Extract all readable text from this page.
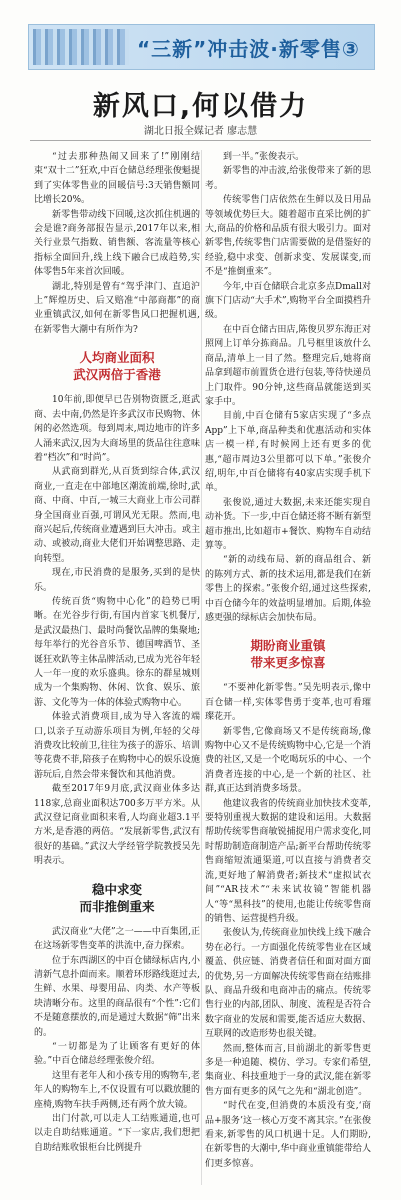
“三新”冲击波·新零售③
新风口,何以借力
湖北日报全媒记者 廖志慧

“过去那种热闹又回来了!”刚刚结束“双十二”狂欢,中百仓储总经理张俊魁提到了实体零售业的回暖信号:3天销售额同比增长20%。

新零售带动线下回暖,这次抓住机遇的会是谁?商务部报告显示,2017年以来,相关行业景气指数、销售额、客流量等核心指标全面回升,线上线下融合已成趋势,实体零售5年来首次回暖。

湖北,特别是曾有“驾乎津门、直追沪上”辉煌历史、后又赔准“中部商都”的商业重镇武汉,如何在新零售风口把握机遇,在新零售大潮中有所作为?

人均商业面积
武汉两倍于香港

10年前,即便早已告别物资匮乏,逛武商、去中南,仍然是许多武汉市民购物、休闲的必然选项。每到周末,周边地市的许多人涌来武汉,因为大商场里的货品往往意味着“档次”和“时尚”。

从武商到群光,从百货到综合体,武汉商业,一直走在中部地区潮流前端,徐时,武商、中商、中百,一城三大商业上市公司群身全国商业百强,可谓风光无限。然而,电商兴起后,传统商业遭遇到巨大冲击。或主动、或被动,商业大佬们开始调整思路、走向转型。

现在,市民消费的是服务,买到的是快乐。

传统百货“购物中心化”的趋势已明晰。在光谷步行街,有国内首家飞机餐厅,是武汉最热门、最时尚餐饮品牌的集聚地;每年举行的光谷音乐节、德国啤酒节、圣诞狂欢趴等主体品牌活动,已成为光谷年轻人一年一度的欢乐盛典。徐东的群星城则成为一个集购物、休闲、饮食、娱乐、旅游、文化等为一体的体验式购物中心。

体验式消费项目,成为导入客流的端口,以亲子互动游乐项目为例,年轻的父母消费攻比较前卫,往往为孩子的游乐、培训等花费不菲,陪孩子在购物中心的娱乐设施游玩后,自然会带来餐饮和其他消费。

截至2017年9月底,武汉商业体多达118家,总商业面积达700多万平方米。从武汉登记商业面积来看,人均商业超3.1平方米,是香港的两倍。“发展新零售,武汉有很好的基础。”武汉大学经管学院教授吴先明表示。

稳中求变
而非推倒重来

武汉商业“大佬”之一——中百集团,正在这场新零售变革的洪流中,奋力探索。

位于东西湖区的中百仓储绿标店内,小清新气息扑面而来。顺着环形路线逛过去,生鲜、水果、母婴用品、肉类、水产等板块清晰分布。这里的商品很有“个性”:它们不是随意摆放的,而是通过大数据“筛”出来的。

“一切都是为了让顾客有更好的体验。”中百仓储总经理张俊介绍。

这里有老年人和小孩专用的购物车,老年人的购物车上,不仅设置有可以戳放腿的座椅,购物车扶手两侧,还有两个放大镜。

出门付款,可以走人工结账通道,也可以走自助结账通道。“下一家店,我们想把自助结账收银柜台比例提升

到一半。”张俊表示。

新零售的冲击波,给张俊带来了新的思考。

传统零售门店依然在生鲜以及日用品等领域优势巨大。随着超市直采比例的扩大,商品的价格和品质有很大吸引力。面对新零售,传统零售门店需要做的是借鉴好的经验,稳中求变、创新求变、发展谋变,而不是“推倒重来”。

今年,中百仓储联合北京多点Dmall对旗下门店动“大手术”,购物平台全面摸档升级。

在中百仓储古田店,陈俊贝罗东海正对照网上订单分拣商品。几号框里该放什么商品,清单上一目了然。整理完后,她将商品拿到超市前置货仓进行包装,等待快递员上门取件。90分钟,这些商品就能送到买家手中。

目前,中百仓储有5家店实现了“多点App”上下单,商品种类和优惠活动和实体店一模一样,有时候网上还有更多的优惠,“超市周边3公里都可以下单。”张俊介绍,明年,中百仓储将有40家店实现手机下单。

张俊说,通过大数据,未来还能实现自动补货。下一步,中百仓储还将不断有新型超市推出,比如超市+餐饮、购物车自动结算等。

“新的动线布局、新的商品组合、新的陈列方式、新的技术运用,都是我们在新零售上的探索。”张俊介绍,通过这些探索,中百仓储今年的效益明显增加。后期,体验感更强的绿标店会加快布局。

期盼商业重镇
带来更多惊喜

“不要神化新零售。”吴先明表示,像中百仓储一样,实体零售勇于变革,也可看璀璨花开。

新零售,它像商场又不是传统商场,像购物中心又不是传统购物中心,它是一个消费的社区,又是一个吃喝玩乐的中心、一个消费者连接的中心,是一个新的社区、社群,真正达到消费多场景。

他建议我省的传统商业加快技术变革,要特别重视大数据的建设和运用。大数据帮助传统零售商敏锐捕捉用户需求变化,同时帮助制造商制造产品;新平台帮助传统零售商缩短流通渠道,可以直接与消费者交流,更好地了解消费者;新技术“虚拟试衣间”“AR技术”“未来试妆镜”智能机器人“等“黑科技”的使用,也能让传统零售商的销售、运营提档升级。

张俊认为,传统商业加快线上线下融合势在必行。一方面强化传统零售业在区域覆盖、供应链、消费者信任和面对面方面的优势,另一方面解决传统零售商在结账排队、商品升级和电商冲击的痛点。传统零售行业的内部,团队、制度、流程是否符合数字商业的发展和需要,能否适应大数据、互联网的改造形势也很关键。

然而,整体而言,目前湖北的新零售更多是一种追随、模仿、学习。专家们希望,集商业、科技重地于一身的武汉,能在新零售方面有更多的风气之先和“湖北创造”。

“时代在变,但消费的本质没有变,‘商品+服务’这一核心万变不离其宗。”在张俊看来,新零售的风口机遇十足。人们期盼,在新零售的大潮中,华中商业重镇能带给人们更多惊喜。
